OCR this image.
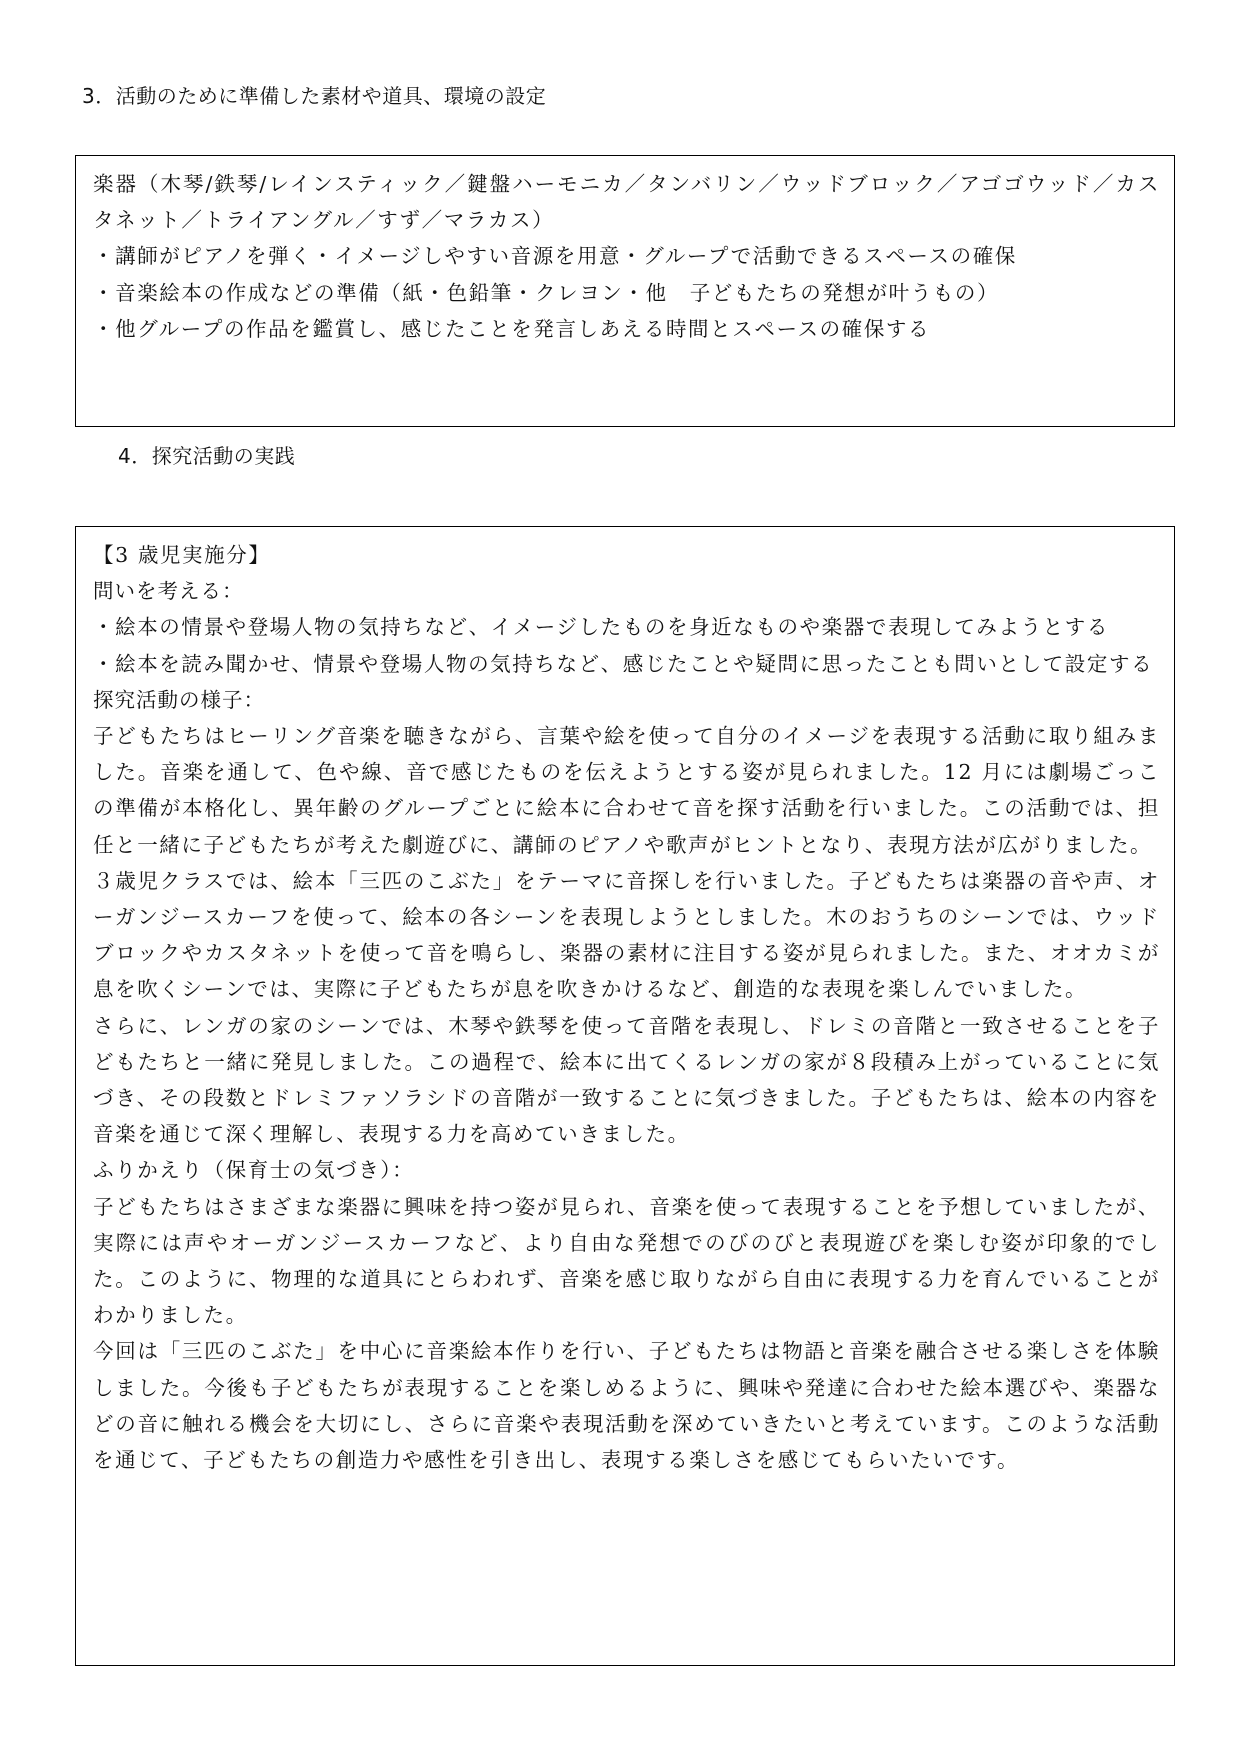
3．活動のために準備した素材や道具、環境の設定

楽器（木琴/鉄琴/レインスティック／鍵盤ハーモニカ／タンバリン／ウッドブロック／アゴゴウッド／カスタネット／トライアングル／すず／マラカス）

・講師がピアノを弾く・イメージしやすい音源を用意・グループで活動できるスペースの確保

・音楽絵本の作成などの準備（紙・色鉛筆・クレヨン・他　子どもたちの発想が叶うもの）

・他グループの作品を鑑賞し、感じたことを発言しあえる時間とスペースの確保する

4．探究活動の実践

【3 歳児実施分】

問いを考える：

・絵本の情景や登場人物の気持ちなど、イメージしたものを身近なものや楽器で表現してみようとする

・絵本を読み聞かせ、情景や登場人物の気持ちなど、感じたことや疑問に思ったことも問いとして設定する

探究活動の様子：

子どもたちはヒーリング音楽を聴きながら、言葉や絵を使って自分のイメージを表現する活動に取り組みました。音楽を通して、色や線、音で感じたものを伝えようとする姿が見られました。12 月には劇場ごっこの準備が本格化し、異年齢のグループごとに絵本に合わせて音を探す活動を行いました。この活動では、担任と一緒に子どもたちが考えた劇遊びに、講師のピアノや歌声がヒントとなり、表現方法が広がりました。

３歳児クラスでは、絵本「三匹のこぶた」をテーマに音探しを行いました。子どもたちは楽器の音や声、オーガンジースカーフを使って、絵本の各シーンを表現しようとしました。木のおうちのシーンでは、ウッドブロックやカスタネットを使って音を鳴らし、楽器の素材に注目する姿が見られました。また、オオカミが息を吹くシーンでは、実際に子どもたちが息を吹きかけるなど、創造的な表現を楽しんでいました。

さらに、レンガの家のシーンでは、木琴や鉄琴を使って音階を表現し、ドレミの音階と一致させることを子どもたちと一緒に発見しました。この過程で、絵本に出てくるレンガの家が８段積み上がっていることに気づき、その段数とドレミファソラシドの音階が一致することに気づきました。子どもたちは、絵本の内容を音楽を通じて深く理解し、表現する力を高めていきました。

ふりかえり（保育士の気づき）：

子どもたちはさまざまな楽器に興味を持つ姿が見られ、音楽を使って表現することを予想していましたが、実際には声やオーガンジースカーフなど、より自由な発想でのびのびと表現遊びを楽しむ姿が印象的でした。このように、物理的な道具にとらわれず、音楽を感じ取りながら自由に表現する力を育んでいることがわかりました。

今回は「三匹のこぶた」を中心に音楽絵本作りを行い、子どもたちは物語と音楽を融合させる楽しさを体験しました。今後も子どもたちが表現することを楽しめるように、興味や発達に合わせた絵本選びや、楽器などの音に触れる機会を大切にし、さらに音楽や表現活動を深めていきたいと考えています。このような活動を通じて、子どもたちの創造力や感性を引き出し、表現する楽しさを感じてもらいたいです。
